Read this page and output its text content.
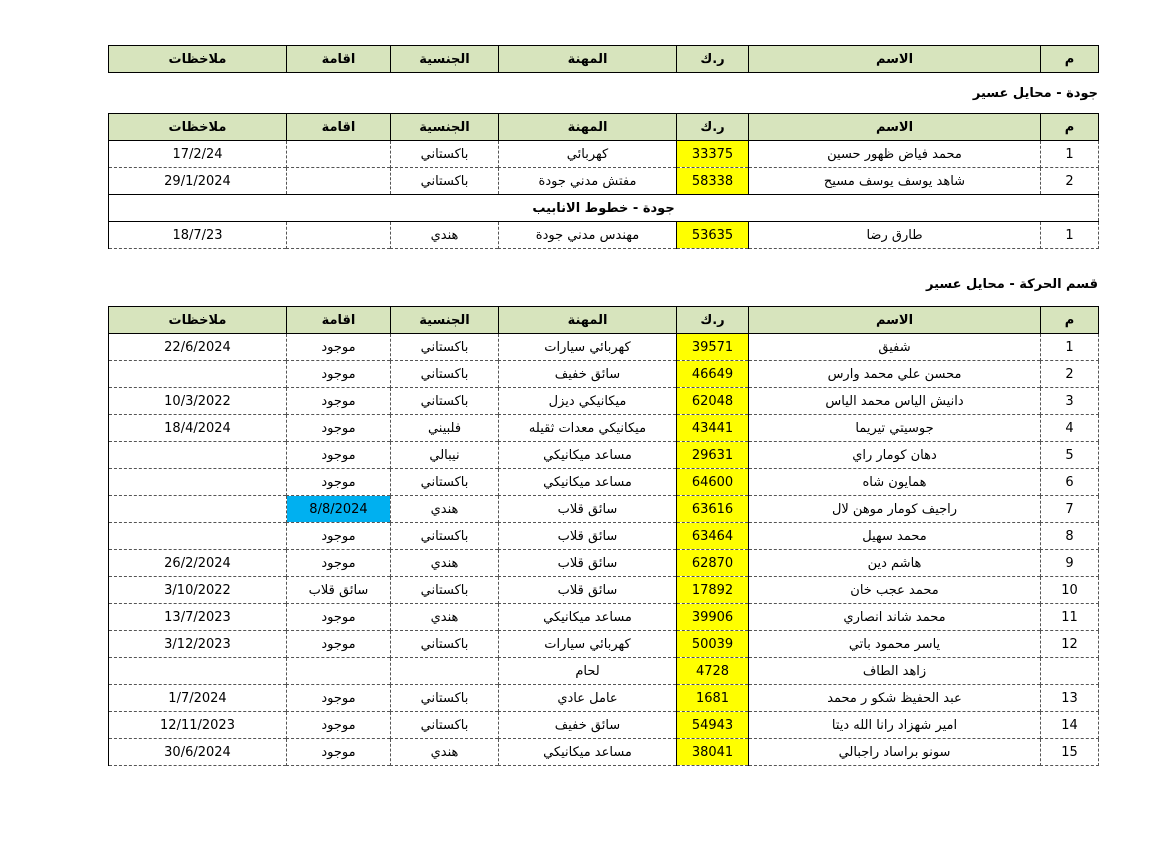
م	الاسم	ر.ك	المهنة	الجنسية	اقامة	ملاخظات
جودة - محايل عسير
م	الاسم	ر.ك	المهنة	الجنسية	اقامة	ملاخظات
1	محمد فياض ظهور حسين	33375	كهربائي	باكستاني		17/2/24
2	شاهد يوسف يوسف مسيح	58338	مفتش مدني جودة	باكستاني		29/1/2024
جودة - خطوط الانابيب						
1	طارق رضا	53635	مهندس مدني جودة	هندي		18/7/23
قسم الحركة - محايل عسير
م	الاسم	ر.ك	المهنة	الجنسية	اقامة	ملاخظات
1	شفيق	39571	كهربائي سيارات	باكستاني	موجود	22/6/2024
2	محسن علي محمد وارس	46649	سائق خفيف	باكستاني	موجود	
3	دانيش الياس محمد الياس	62048	ميكانيكي ديزل	باكستاني	موجود	10/3/2022
4	جوسيتي تيريما	43441	ميكانيكي معدات ثقيله	فلبيني	موجود	18/4/2024
5	دهان كومار راي	29631	مساعد ميكانيكي	نيبالي	موجود	
6	همايون شاه	64600	مساعد ميكانيكي	باكستاني	موجود	
7	راجيف كومار موهن لال	63616	سائق قلاب	هندي	8/8/2024	
8	محمد سهيل	63464	سائق قلاب	باكستاني	موجود	
9	هاشم دين	62870	سائق قلاب	هندي	موجود	26/2/2024
10	محمد عجب خان	17892	سائق قلاب	باكستاني	سائق قلاب	3/10/2022
11	محمد شاند انصاري	39906	مساعد ميكانيكي	هندي	موجود	13/7/2023
12	ياسر محمود باتي	50039	كهربائي سيارات	باكستاني	موجود	3/12/2023
	زاهد الطاف	4728	لحام			
13	عبد الحفيظ شكو ر محمد	1681	عامل عادي	باكستاني	موجود	1/7/2024
14	امير شهزاد رانا الله ديتا	54943	سائق خفيف	باكستاني	موجود	12/11/2023
15	سونو براساد راجبالي	38041	مساعد ميكانيكي	هندي	موجود	30/6/2024
